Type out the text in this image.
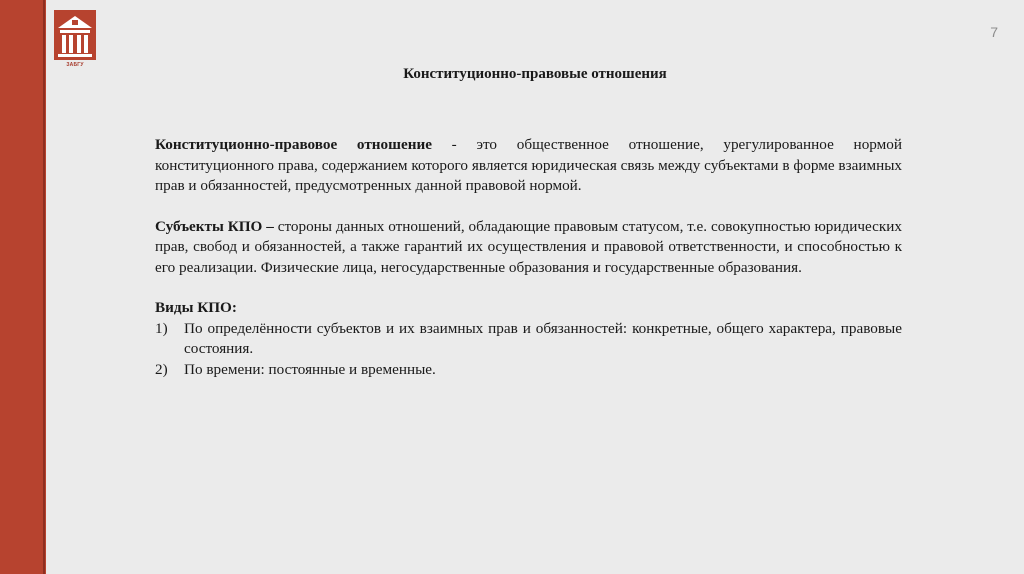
ЗАБГУ
7
Конституционно-правовые отношения

Конституционно-правовое отношение - это общественное отношение, урегулированное нормой конституционного права, содержанием которого является юридическая связь между субъектами в форме взаимных прав и обязанностей, предусмотренных данной правовой нормой.

Субъекты КПО – стороны данных отношений, обладающие правовым статусом, т.е. совокупностью юридических прав, свобод и обязанностей, а также гарантий их осуществления и правовой ответственности, и способностью к его реализации. Физические лица, негосударственные образования и государственные образования.

Виды КПО:

1)	По определённости субъектов и их взаимных прав и обязанностей: конкретные, общего характера, правовые состояния.
2)	По времени: постоянные и временные.
